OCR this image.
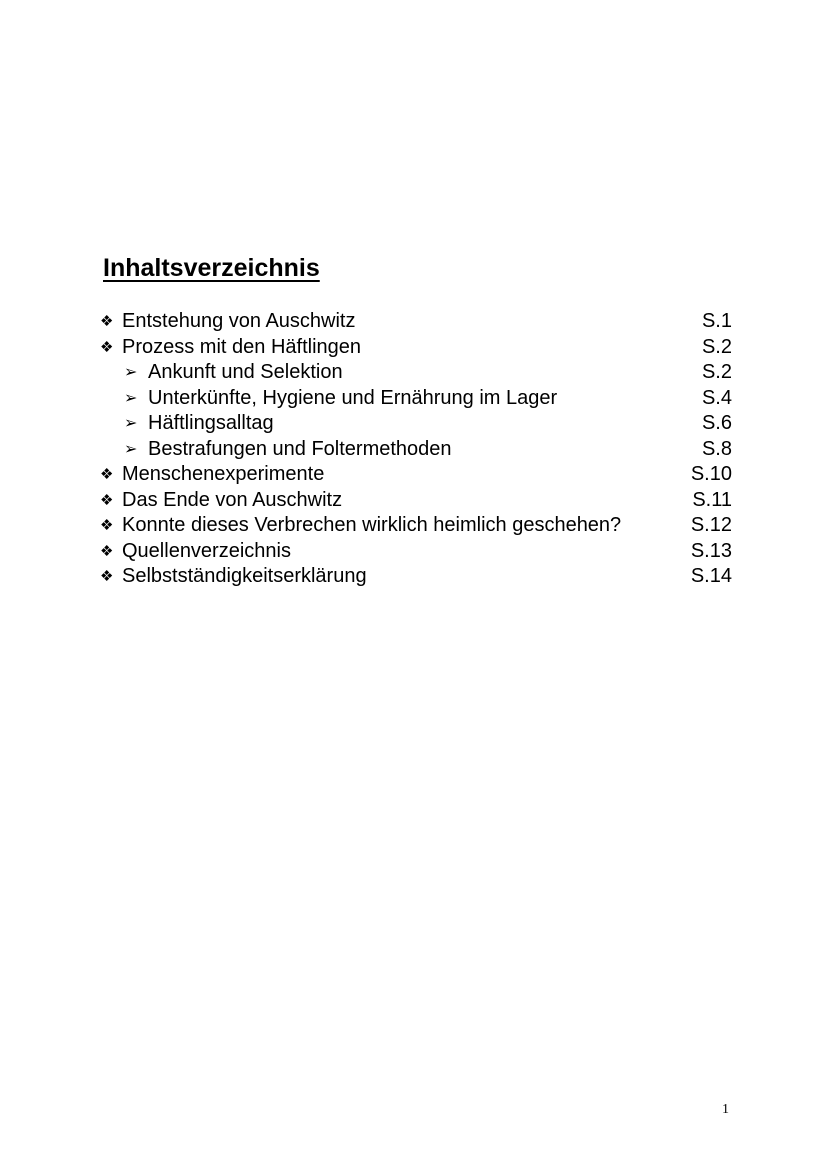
Inhaltsverzeichnis
❖ Entstehung von Auschwitz	S.1
❖ Prozess mit den Häftlingen	S.2
➢ Ankunft und Selektion	S.2
➢ Unterkünfte, Hygiene und Ernährung im Lager	S.4
➢ Häftlingsalltag	S.6
➢ Bestrafungen und Foltermethoden	S.8
❖ Menschenexperimente	S.10
❖ Das Ende von Auschwitz	S.11
❖ Konnte dieses Verbrechen wirklich heimlich geschehen?	S.12
❖ Quellenverzeichnis	S.13
❖ Selbstständigkeitserklärung	S.14
1
